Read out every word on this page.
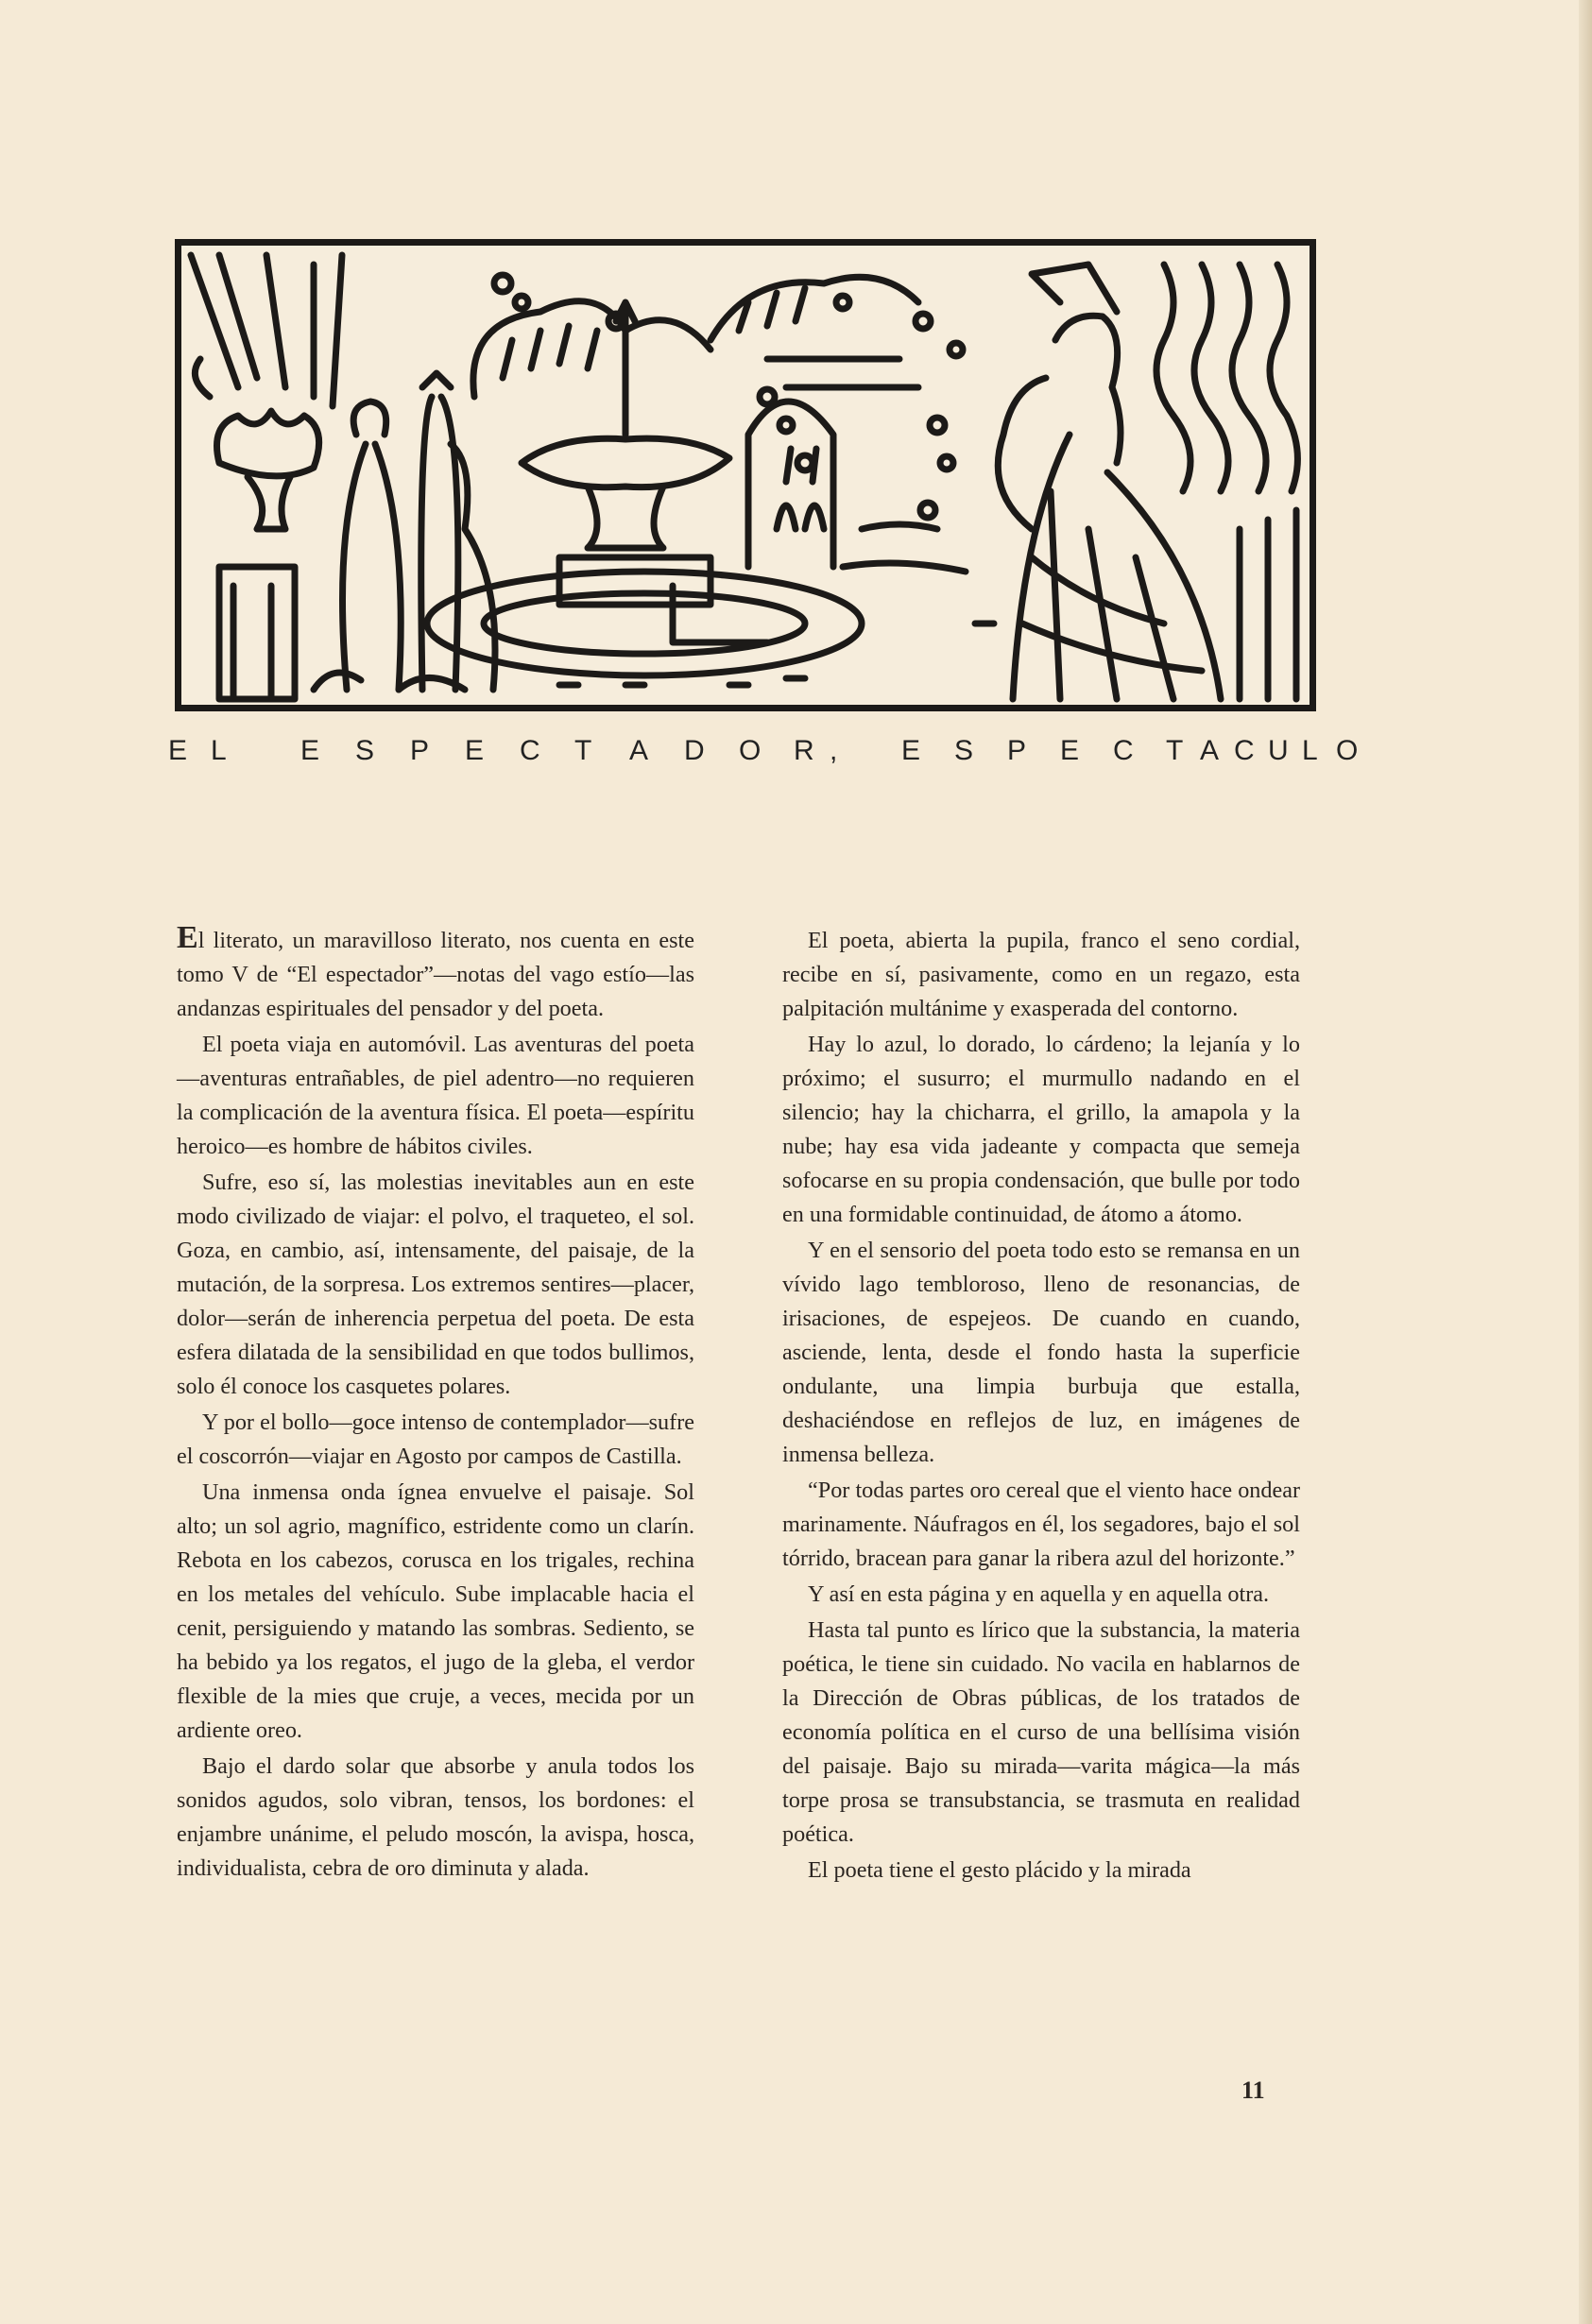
E L	E S P E C T A D O R , E S P E C T A C U L O

El literato, un maravilloso literato, nos cuenta en este tomo V de “El espectador”—notas del vago estío—las andanzas espirituales del pensador y del poeta.

El poeta viaja en automóvil. Las aventuras del poeta—aventuras entrañables, de piel adentro—no requieren la complicación de la aventura física. El poeta—espíritu heroico—es hombre de hábitos civiles.

Sufre, eso sí, las molestias inevitables aun en este modo civilizado de viajar: el polvo, el traqueteo, el sol. Goza, en cambio, así, intensamente, del paisaje, de la mutación, de la sorpresa. Los extremos sentires—placer, dolor—serán de inherencia perpetua del poeta. De esta esfera dilatada de la sensibilidad en que todos bullimos, solo él conoce los casquetes polares.

Y por el bollo—goce intenso de contemplador—sufre el coscorrón—viajar en Agosto por campos de Castilla.

Una inmensa onda ígnea envuelve el paisaje. Sol alto; un sol agrio, magnífico, estridente como un clarín. Rebota en los cabezos, corusca en los trigales, rechina en los metales del vehículo. Sube implacable hacia el cenit, persiguiendo y matando las sombras. Sediento, se ha bebido ya los regatos, el jugo de la gleba, el verdor flexible de la mies que cruje, a veces, mecida por un ardiente oreo.

Bajo el dardo solar que absorbe y anula todos los sonidos agudos, solo vibran, tensos, los bordones: el enjambre unánime, el peludo moscón, la avispa, hosca, individualista, cebra de oro diminuta y alada.

El poeta, abierta la pupila, franco el seno cordial, recibe en sí, pasivamente, como en un regazo, esta palpitación multánime y exasperada del contorno.

Hay lo azul, lo dorado, lo cárdeno; la lejanía y lo próximo; el susurro; el murmullo nadando en el silencio; hay la chicharra, el grillo, la amapola y la nube; hay esa vida jadeante y compacta que semeja sofocarse en su propia condensación, que bulle por todo en una formidable continuidad, de átomo a átomo.

Y en el sensorio del poeta todo esto se remansa en un vívido lago tembloroso, lleno de resonancias, de irisaciones, de espejeos. De cuando en cuando, asciende, lenta, desde el fondo hasta la superficie ondulante, una limpia burbuja que estalla, deshaciéndose en reflejos de luz, en imágenes de inmensa belleza.

“Por todas partes oro cereal que el viento hace ondear marinamente. Náufragos en él, los segadores, bajo el sol tórrido, bracean para ganar la ribera azul del horizonte.”

Y así en esta página y en aquella y en aquella otra.

Hasta tal punto es lírico que la substancia, la materia poética, le tiene sin cuidado. No vacila en hablarnos de la Dirección de Obras públicas, de los tratados de economía política en el curso de una bellísima visión del paisaje. Bajo su mirada—varita mágica—la más torpe prosa se transubstancia, se trasmuta en realidad poética.

El poeta tiene el gesto plácido y la mirada

11
